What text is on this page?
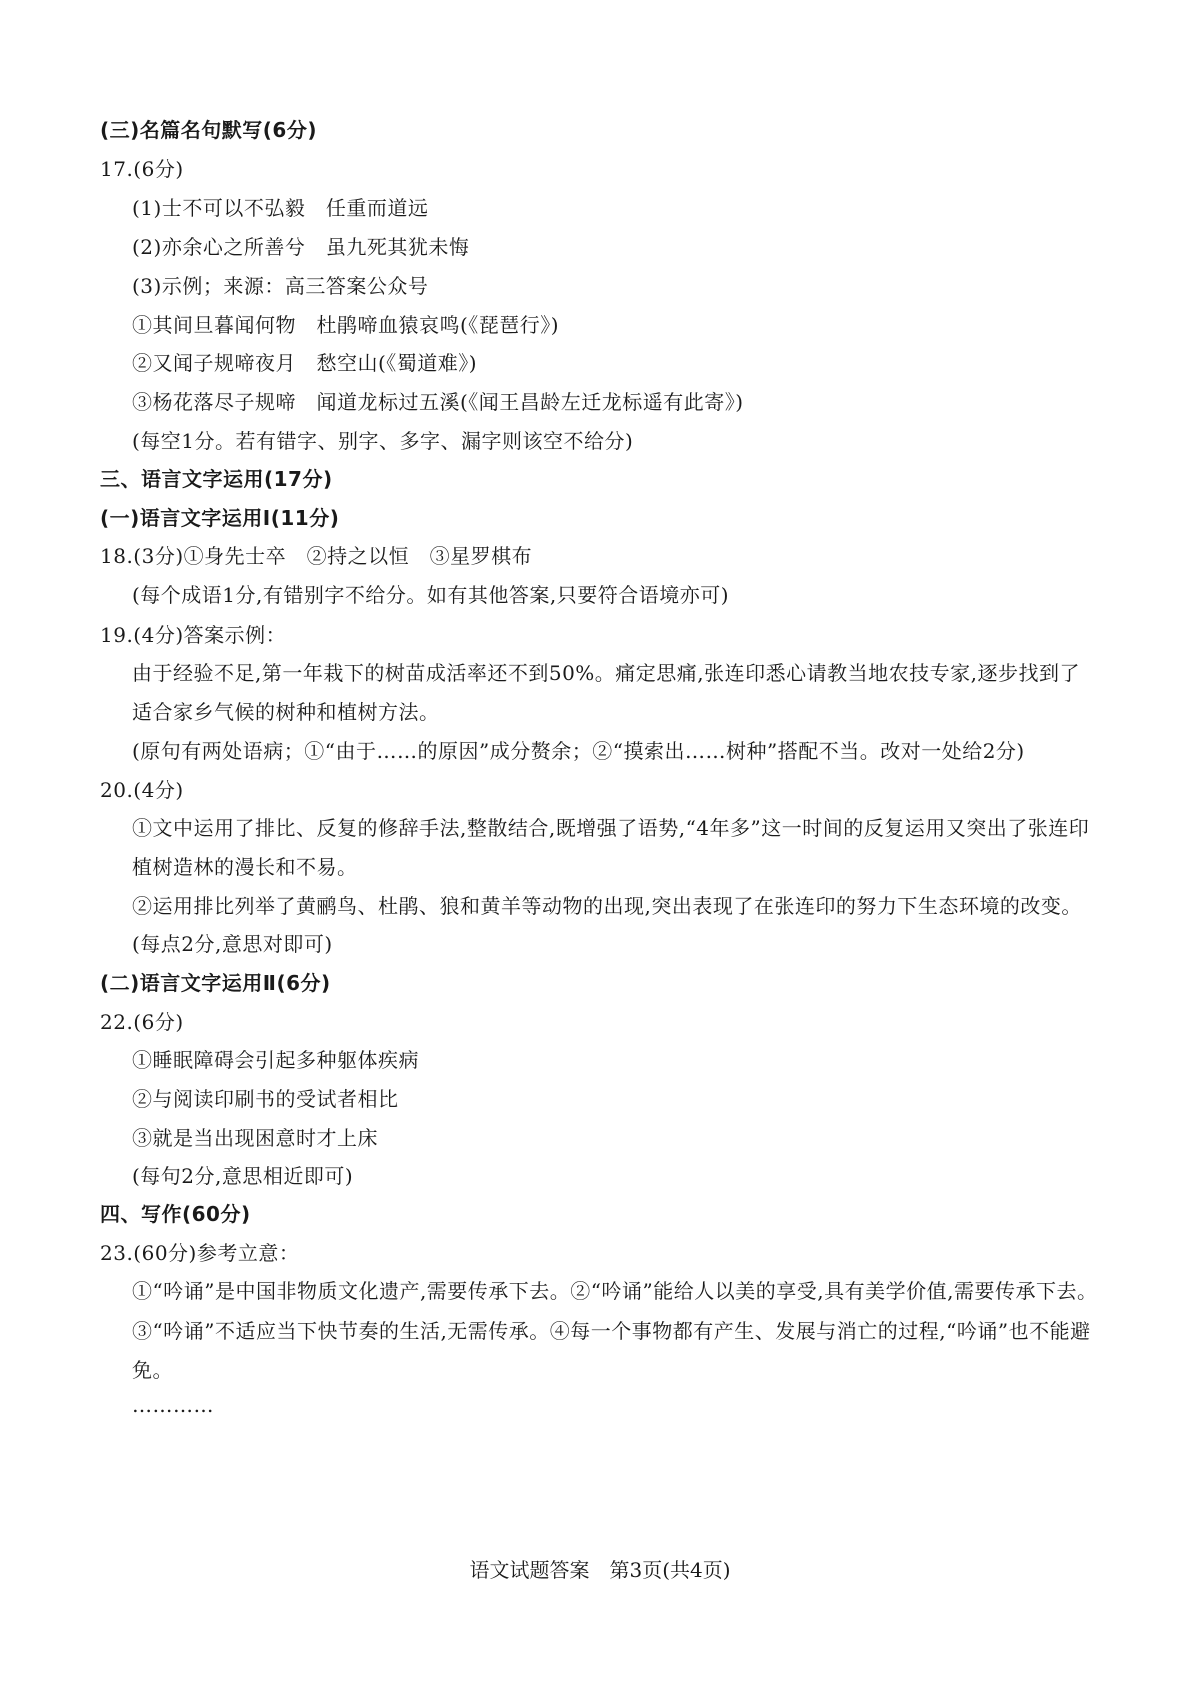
(三)名篇名句默写(6分)
17.(6分)
(1)士不可以不弘毅　任重而道远
(2)亦余心之所善兮　虽九死其犹未悔
(3)示例；来源：高三答案公众号
①其间旦暮闻何物　杜鹃啼血猿哀鸣(《琵琶行》)
②又闻子规啼夜月　愁空山(《蜀道难》)
③杨花落尽子规啼　闻道龙标过五溪(《闻王昌龄左迁龙标遥有此寄》)
(每空1分。若有错字、别字、多字、漏字则该空不给分)
三、语言文字运用(17分)
(一)语言文字运用Ⅰ(11分)
18.(3分)①身先士卒　②持之以恒　③星罗棋布
(每个成语1分,有错别字不给分。如有其他答案,只要符合语境亦可)
19.(4分)答案示例：
由于经验不足,第一年栽下的树苗成活率还不到50%。痛定思痛,张连印悉心请教当地农技专家,逐步找到了
适合家乡气候的树种和植树方法。
(原句有两处语病；①“由于……的原因”成分赘余；②“摸索出……树种”搭配不当。改对一处给2分)
20.(4分)
①文中运用了排比、反复的修辞手法,整散结合,既增强了语势,“4年多”这一时间的反复运用又突出了张连印
植树造林的漫长和不易。
②运用排比列举了黄鹂鸟、杜鹃、狼和黄羊等动物的出现,突出表现了在张连印的努力下生态环境的改变。
(每点2分,意思对即可)
(二)语言文字运用Ⅱ(6分)
22.(6分)
①睡眠障碍会引起多种躯体疾病
②与阅读印刷书的受试者相比
③就是当出现困意时才上床
(每句2分,意思相近即可)
四、写作(60分)
23.(60分)参考立意：
①“吟诵”是中国非物质文化遗产,需要传承下去。②“吟诵”能给人以美的享受,具有美学价值,需要传承下去。
③“吟诵”不适应当下快节奏的生活,无需传承。④每一个事物都有产生、发展与消亡的过程,“吟诵”也不能避
免。
…………
语文试题答案　第3页(共4页)
